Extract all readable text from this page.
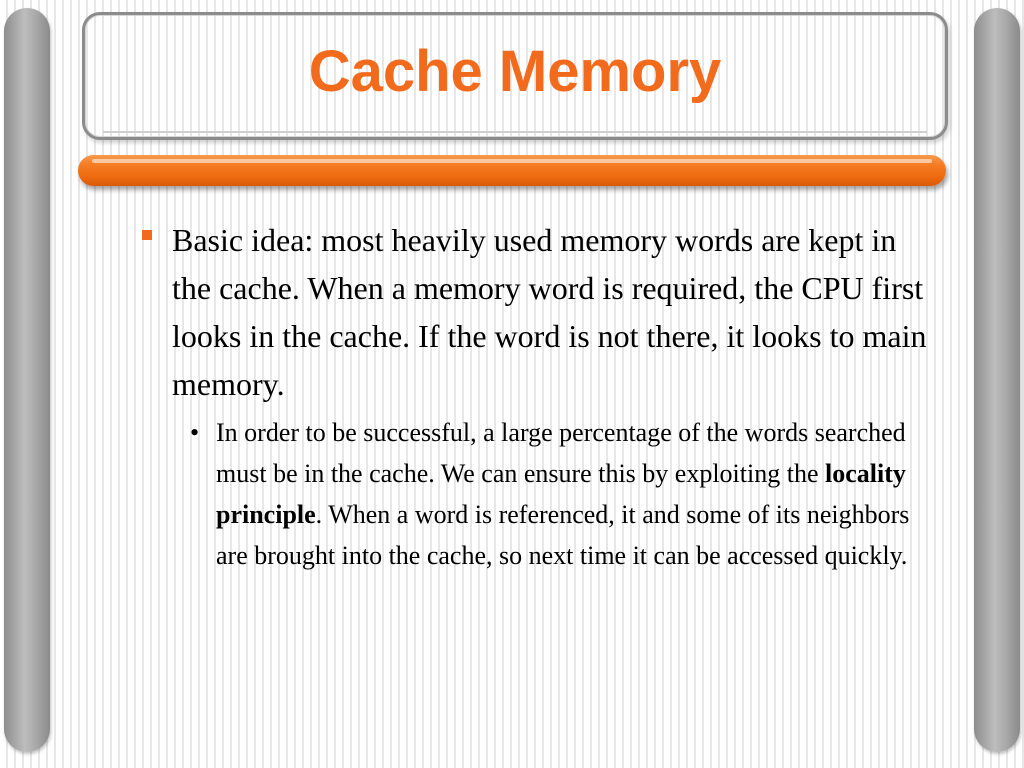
Cache Memory
Basic idea: most heavily used memory words are kept in the cache. When a memory word is required, the CPU first looks in the cache. If the word is not there, it looks to main memory.
• In order to be successful, a large percentage of the words searched must be in the cache. We can ensure this by exploiting the locality principle. When a word is referenced, it and some of its neighbors are brought into the cache, so next time it can be accessed quickly.
